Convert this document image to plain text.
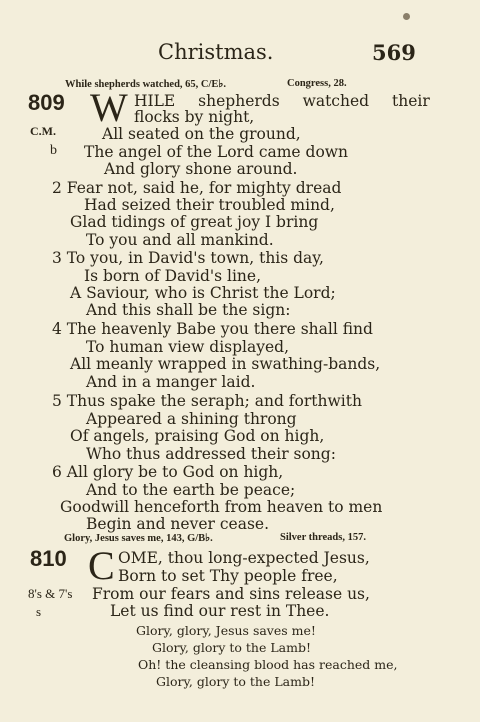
Christmas.	569
While shepherds watched, 65, C/E♭.	Congress, 28.
809 W
C.M.
b
HILE shepherds watched their
flocks by night,
All seated on the ground,
The angel of the Lord came down
And glory shone around.
2 Fear not, said he, for mighty dread
Had seized their troubled mind,
Glad tidings of great joy I bring
To you and all mankind.
3 To you, in David's town, this day,
Is born of David's line,
A Saviour, who is Christ the Lord;
And this shall be the sign:
4 The heavenly Babe you there shall find
To human view displayed,
All meanly wrapped in swathing-bands,
And in a manger laid.
5 Thus spake the seraph; and forthwith
Appeared a shining throng
Of angels, praising God on high,
Who thus addressed their song:
6 All glory be to God on high,
And to the earth be peace;
Goodwill henceforth from heaven to men
Begin and never cease.
Glory, Jesus saves me, 143, G/B♭.	Silver threads, 157.
810 C
8's & 7's
s
OME, thou long-expected Jesus,
Born to set Thy people free,
From our fears and sins release us,
Let us find our rest in Thee.
Glory, glory, Jesus saves me!
Glory, glory to the Lamb!
Oh! the cleansing blood has reached me,
Glory, glory to the Lamb!
